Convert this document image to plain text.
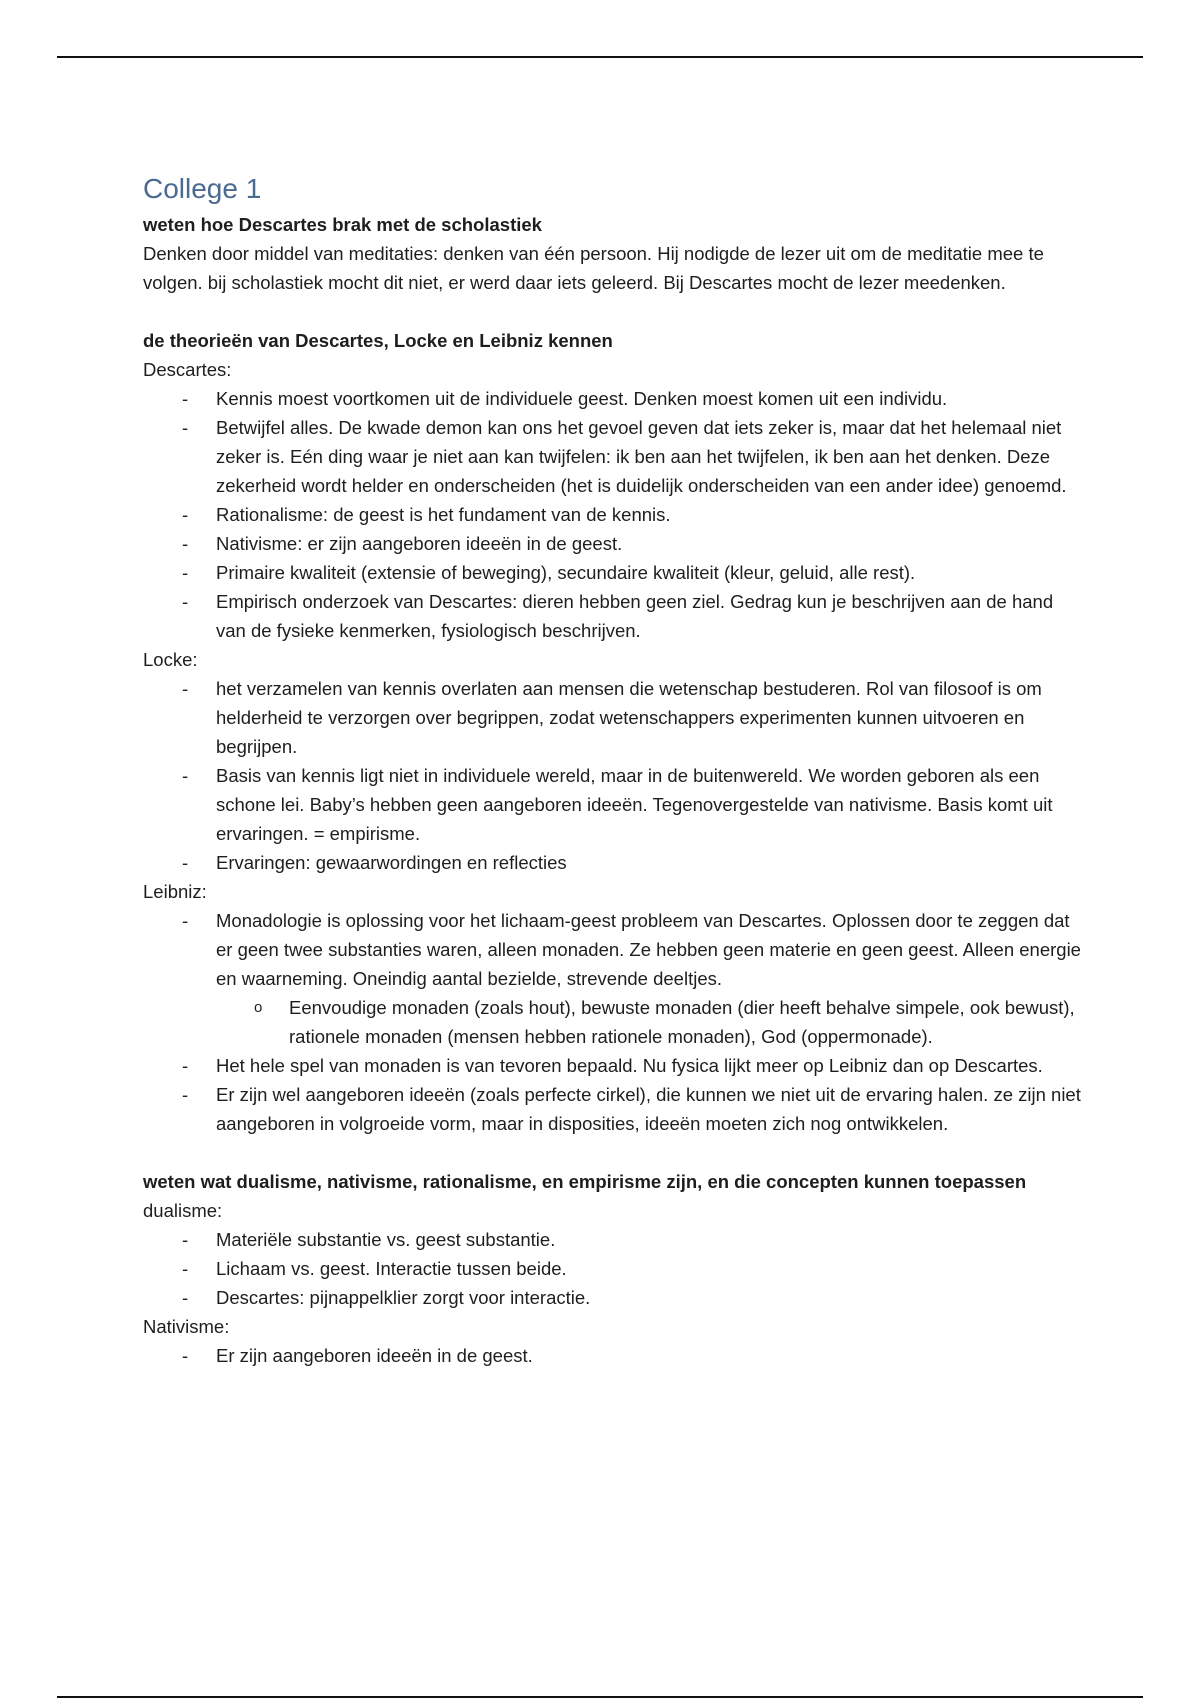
College 1

weten hoe Descartes brak met de scholastiek

Denken door middel van meditaties: denken van één persoon. Hij nodigde de lezer uit om de meditatie mee te volgen. bij scholastiek mocht dit niet, er werd daar iets geleerd. Bij Descartes mocht de lezer meedenken.

de theorieën van Descartes, Locke en Leibniz kennen

Descartes:

- Kennis moest voortkomen uit de individuele geest. Denken moest komen uit een individu.
- Betwijfel alles. De kwade demon kan ons het gevoel geven dat iets zeker is, maar dat het helemaal niet zeker is. Eén ding waar je niet aan kan twijfelen: ik ben aan het twijfelen, ik ben aan het denken. Deze zekerheid wordt helder en onderscheiden (het is duidelijk onderscheiden van een ander idee) genoemd.
- Rationalisme: de geest is het fundament van de kennis.
- Nativisme: er zijn aangeboren ideeën in de geest.
- Primaire kwaliteit (extensie of beweging), secundaire kwaliteit (kleur, geluid, alle rest).
- Empirisch onderzoek van Descartes: dieren hebben geen ziel. Gedrag kun je beschrijven aan de hand van de fysieke kenmerken, fysiologisch beschrijven.

Locke:

- het verzamelen van kennis overlaten aan mensen die wetenschap bestuderen. Rol van filosoof is om helderheid te verzorgen over begrippen, zodat wetenschappers experimenten kunnen uitvoeren en begrijpen.
- Basis van kennis ligt niet in individuele wereld, maar in de buitenwereld. We worden geboren als een schone lei. Baby’s hebben geen aangeboren ideeën. Tegenovergestelde van nativisme. Basis komt uit ervaringen. = empirisme.
- Ervaringen: gewaarwordingen en reflecties

Leibniz:

- Monadologie is oplossing voor het lichaam-geest probleem van Descartes. Oplossen door te zeggen dat er geen twee substanties waren, alleen monaden. Ze hebben geen materie en geen geest. Alleen energie en waarneming. Oneindig aantal bezielde, strevende deeltjes.
o Eenvoudige monaden (zoals hout), bewuste monaden (dier heeft behalve simpele, ook bewust), rationele monaden (mensen hebben rationele monaden), God (oppermonade).
- Het hele spel van monaden is van tevoren bepaald. Nu fysica lijkt meer op Leibniz dan op Descartes.
- Er zijn wel aangeboren ideeën (zoals perfecte cirkel), die kunnen we niet uit de ervaring halen. ze zijn niet aangeboren in volgroeide vorm, maar in disposities, ideeën moeten zich nog ontwikkelen.

weten wat dualisme, nativisme, rationalisme, en empirisme zijn, en die concepten kunnen toepassen

dualisme:

- Materiële substantie vs. geest substantie.
- Lichaam vs. geest. Interactie tussen beide.
- Descartes: pijnappelklier zorgt voor interactie.

Nativisme:

- Er zijn aangeboren ideeën in de geest.
